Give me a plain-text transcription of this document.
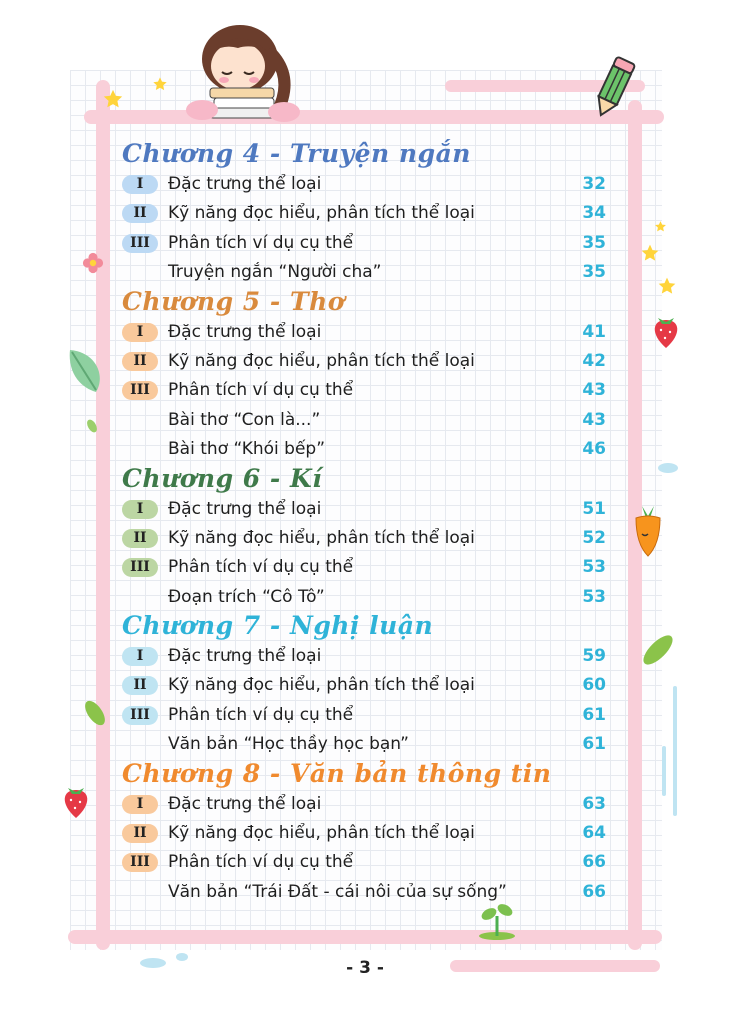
Chương 4 - Truyện ngắn
I	Đặc trưng thể loại	32
II	Kỹ năng đọc hiểu, phân tích thể loại	34
III	Phân tích ví dụ cụ thể	35
Truyện ngắn “Người cha”	35
Chương 5 - Thơ
I	Đặc trưng thể loại	41
II	Kỹ năng đọc hiểu, phân tích thể loại	42
III	Phân tích ví dụ cụ thể	43
Bài thơ “Con là...”	43
Bài thơ “Khói bếp”	46
Chương 6 - Kí
I	Đặc trưng thể loại	51
II	Kỹ năng đọc hiểu, phân tích thể loại	52
III	Phân tích ví dụ cụ thể	53
Đoạn trích “Cô Tô”	53
Chương 7 - Nghị luận
I	Đặc trưng thể loại	59
II	Kỹ năng đọc hiểu, phân tích thể loại	60
III	Phân tích ví dụ cụ thể	61
Văn bản “Học thầy học bạn”	61
Chương 8 - Văn bản thông tin
I	Đặc trưng thể loại	63
II	Kỹ năng đọc hiểu, phân tích thể loại	64
III	Phân tích ví dụ cụ thể	66
Văn bản “Trái Đất - cái nôi của sự sống”	66
- 3 -
